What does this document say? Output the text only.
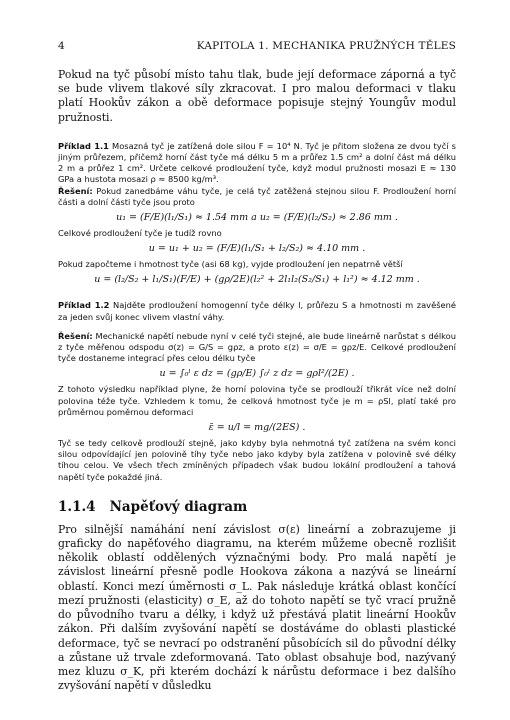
4	KAPITOLA 1. MECHANIKA PRUŽNÝCH TĚLES
Pokud na tyč působí místo tahu tlak, bude její deformace záporná a tyč se bude vlivem tlakové síly zkracovat. I pro malou deformaci v tlaku platí Hookův zákon a obě deformace popisuje stejný Youngův modul pružnosti.

Příklad 1.1 Mosazná tyč je zatížená dole silou F = 10⁴ N. Tyč je přitom složena ze dvou tyčí s jiným průřezem, přičemž horní část tyče má délku 5 m a průřez 1.5 cm² a dolní část má délku 2 m a průřez 1 cm². Určete celkové prodloužení tyče, když modul pružnosti mosazi E ≈ 130 GPa a hustota mosazi ρ ≈ 8500 kg/m³.

Řešení: Pokud zanedbáme váhu tyče, je celá tyč zatěžená stejnou silou F. Prodloužení horní části a dolní části tyče jsou proto

u₁ = (F/E)(l₁/S₁) ≈ 1.54 mm a u₂ = (F/E)(l₂/S₂) ≈ 2.86 mm .

Celkové prodloužení tyče je tudíž rovno

u = u₁ + u₂ = (F/E)(l₁/S₁ + l₂/S₂) ≈ 4.10 mm .

Pokud započteme i hmotnost tyče (asi 68 kg), vyjde prodloužení jen nepatrně větší

u = (l₂/S₂ + l₁/S₁)(F/E) + (gρ/2E)(l₂² + 2l₁l₂(S₂/S₁) + l₁²) ≈ 4.12 mm .

Příklad 1.2 Najděte prodloužení homogenní tyče délky l, průřezu S a hmotnosti m zavěšené za jeden svůj konec vlivem vlastní váhy.

Řešení: Mechanické napětí nebude nyní v celé tyči stejné, ale bude lineárně narůstat s délkou z tyče měřenou odspodu σ(z) = G/S = gρz, a proto ε(z) = σ/E = gρz/E. Celkové prodloužení tyče dostaneme integrací přes celou délku tyče

u = ∫₀ˡ ε dz = (gρ/E) ∫₀ˡ z dz = gρl²/(2E) .

Z tohoto výsledku například plyne, že horní polovina tyče se prodlouží třikrát více než dolní polovina téže tyče. Vzhledem k tomu, že celková hmotnost tyče je m = ρSl, platí také pro průměrnou poměrnou deformaci

ε̄ = u/l = mg/(2ES) .

Tyč se tedy celkově prodlouží stejně, jako kdyby byla nehmotná tyč zatížena na svém konci silou odpovídající jen polovině tíhy tyče nebo jako kdyby byla zatížena v polovině své délky tíhou celou. Ve všech třech zmíněných případech však budou lokální prodloužení a tahová napětí tyče pokaždé jiná.

1.1.4 Napěťový diagram
Pro silnější namáhání není závislost σ(ε) lineární a zobrazujeme ji graficky do napěťového diagramu, na kterém můžeme obecně rozlišit několik oblastí oddělených význačnými body. Pro malá napětí je závislost lineární přesně podle Hookova zákona a nazývá se lineární oblastí. Konci mezí úměrnosti σ_L. Pak následuje krátká oblast končící mezí pružnosti (elasticity) σ_E, až do tohoto napětí se tyč vrací pružně do původního tvaru a délky, i když už přestává platit lineární Hookův zákon. Při dalším zvyšování napětí se dostáváme do oblasti plastické deformace, tyč se nevrací po odstranění působících sil do původní délky a zůstane už trvale zdeformovaná. Tato oblast obsahuje bod, nazývaný mez kluzu σ_K, při kterém dochází k nárůstu deformace i bez dalšího zvyšování napětí v důsledku
